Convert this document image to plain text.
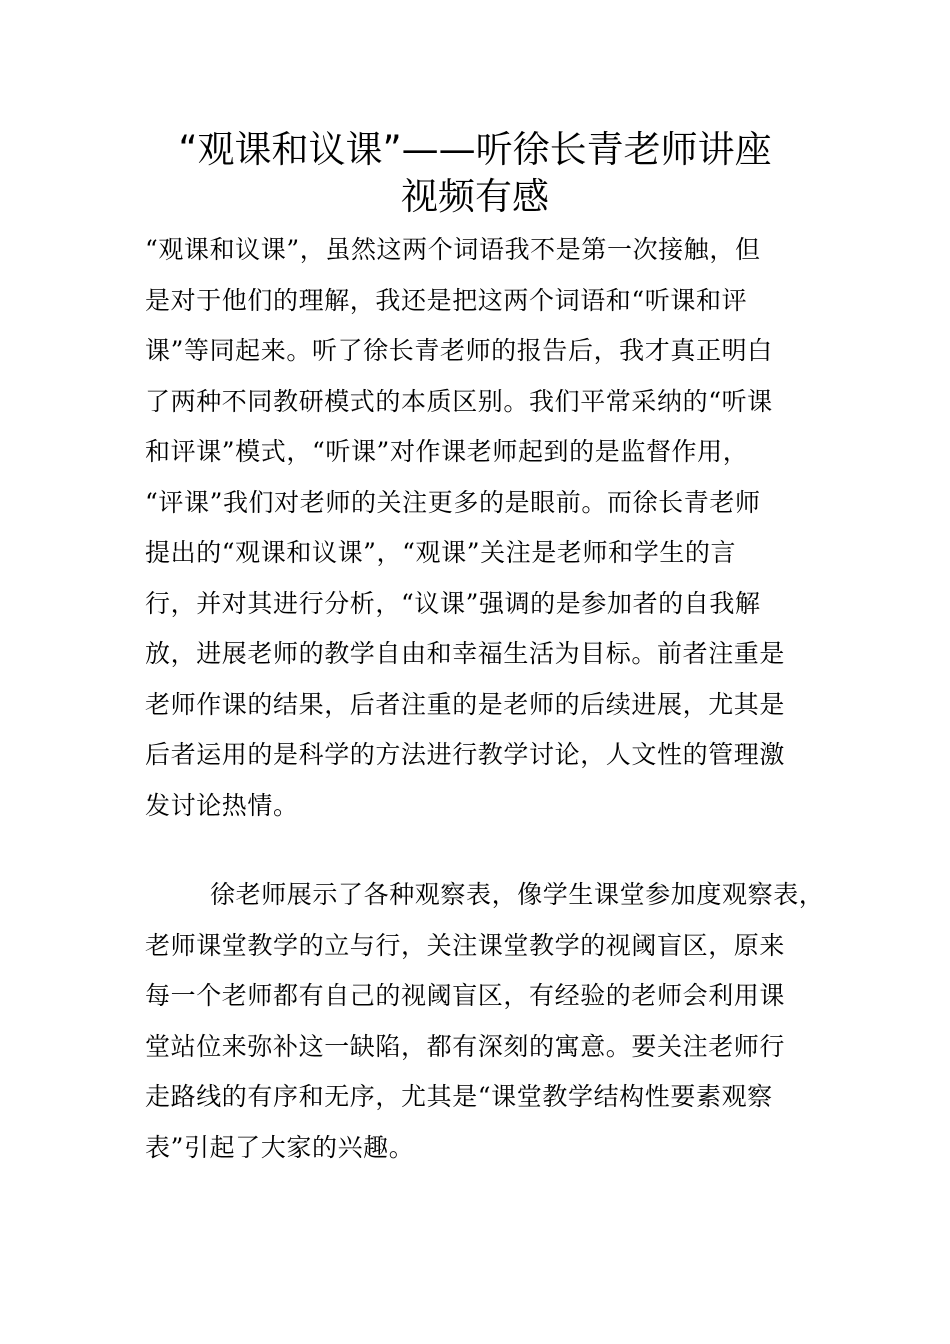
“观课和议课”——听徐长青老师讲座
视频有感
“观课和议课”，虽然这两个词语我不是第一次接触，但
是对于他们的理解，我还是把这两个词语和“听课和评
课”等同起来。听了徐长青老师的报告后，我才真正明白
了两种不同教研模式的本质区别。我们平常采纳的“听课
和评课”模式，“听课”对作课老师起到的是监督作用，
“评课”我们对老师的关注更多的是眼前。而徐长青老师
提出的“观课和议课”，“观课”关注是老师和学生的言
行，并对其进行分析，“议课”强调的是参加者的自我解
放，进展老师的教学自由和幸福生活为目标。前者注重是
老师作课的结果，后者注重的是老师的后续进展，尤其是
后者运用的是科学的方法进行教学讨论，人文性的管理激
发讨论热情。
徐老师展示了各种观察表，像学生课堂参加度观察表，
老师课堂教学的立与行，关注课堂教学的视阈盲区，原来
每一个老师都有自己的视阈盲区，有经验的老师会利用课
堂站位来弥补这一缺陷，都有深刻的寓意。要关注老师行
走路线的有序和无序，尤其是“课堂教学结构性要素观察
表”引起了大家的兴趣。
